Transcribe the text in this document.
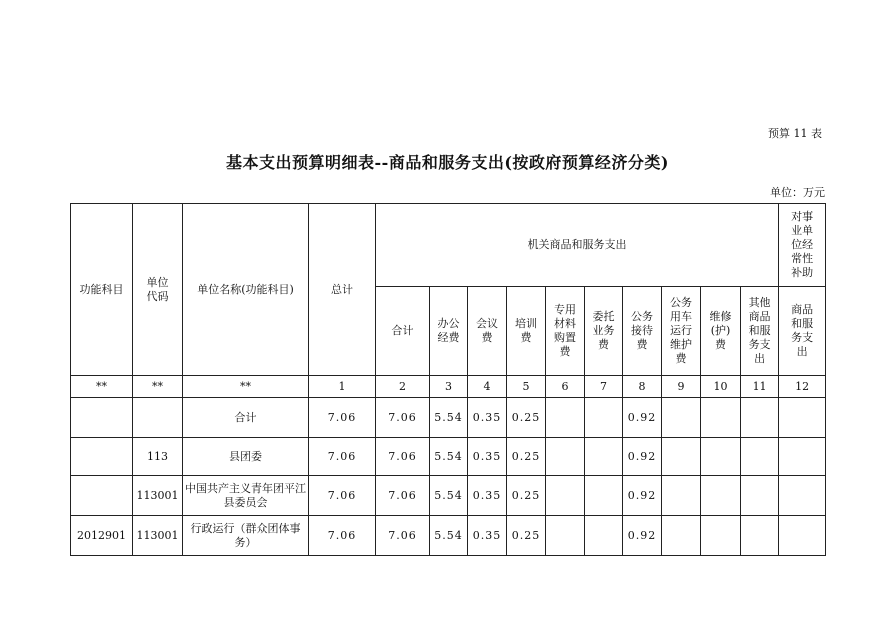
预算 11 表
基本支出预算明细表--商品和服务支出(按政府预算经济分类)
单位：万元
功能科目	单位代码	单位名称(功能科目)	总计	机关商品和服务支出										对事业单位经常性补助
				合计	办公经费	会议费	培训费	专用材料购置费	委托业务费	公务接待费	公务用车运行维护费	维修(护)费	其他商品和服务支出	商品和服务支出
**	**	**	1	2	3	4	5	6	7	8	9	10	11	12
		合计	7.06	7.06	5.54	0.35	0.25			0.92				
	113	县团委	7.06	7.06	5.54	0.35	0.25			0.92				
	113001	中国共产主义青年团平江县委员会	7.06	7.06	5.54	0.35	0.25			0.92				
2012901	113001	行政运行（群众团体事务）	7.06	7.06	5.54	0.35	0.25			0.92				
